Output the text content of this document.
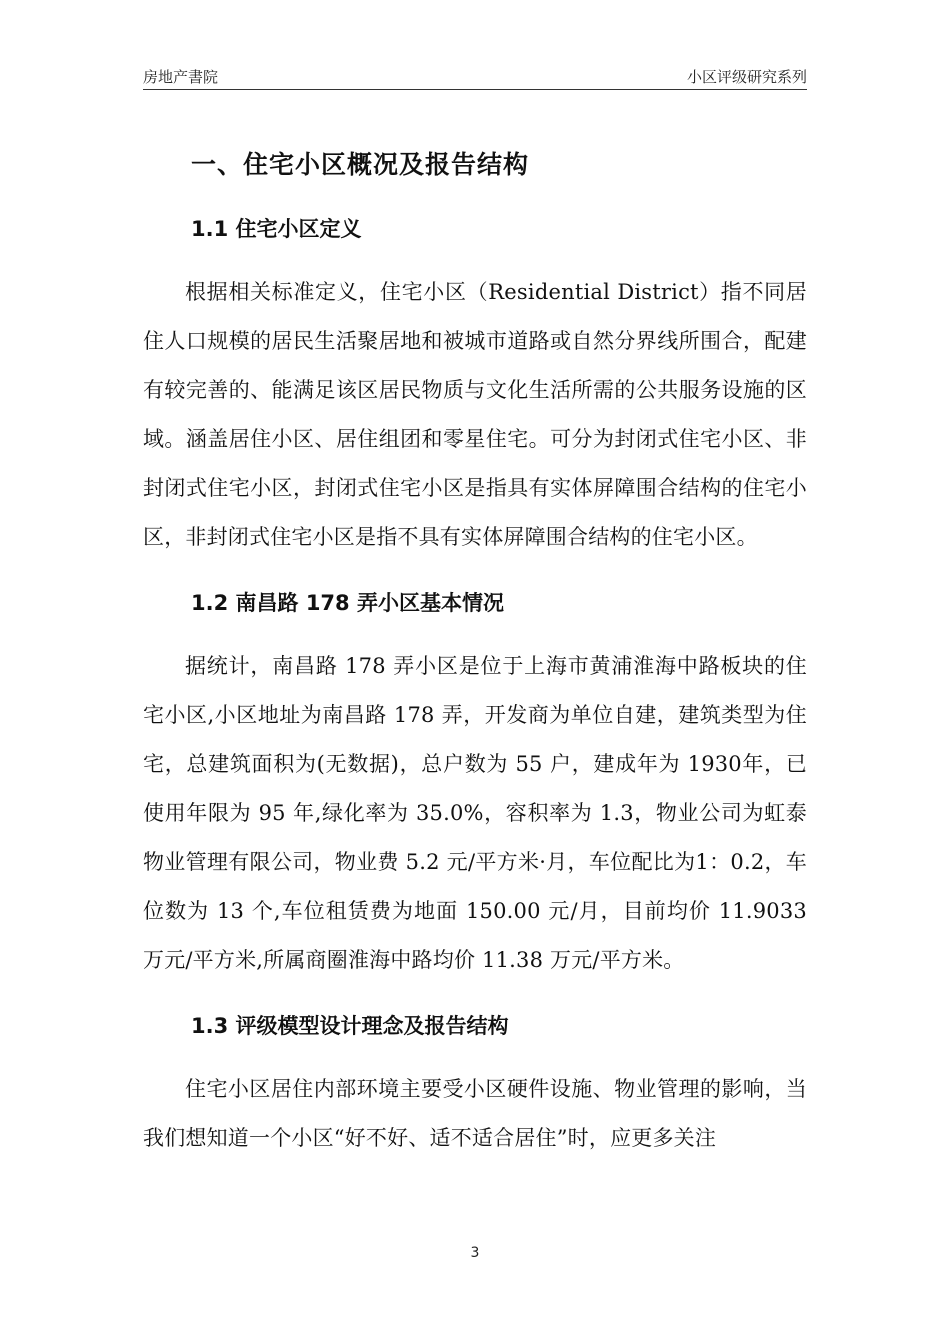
房地产書院	小区评级研究系列
一、住宅小区概况及报告结构
1.1 住宅小区定义

根据相关标准定义，住宅小区（Residential District）指不同居住人口规模的居民生活聚居地和被城市道路或自然分界线所围合，配建有较完善的、能满足该区居民物质与文化生活所需的公共服务设施的区域。涵盖居住小区、居住组团和零星住宅。可分为封闭式住宅小区、非封闭式住宅小区，封闭式住宅小区是指具有实体屏障围合结构的住宅小区，非封闭式住宅小区是指不具有实体屏障围合结构的住宅小区。

1.2 南昌路 178 弄小区基本情况

据统计，南昌路 178 弄小区是位于上海市黄浦淮海中路板块的住宅小区,小区地址为南昌路 178 弄，开发商为单位自建，建筑类型为住宅，总建筑面积为(无数据)，总户数为 55 户，建成年为 1930年，已使用年限为 95 年,绿化率为 35.0%，容积率为 1.3，物业公司为虹泰物业管理有限公司，物业费 5.2 元/平方米·月，车位配比为1：0.2，车位数为 13 个,车位租赁费为地面 150.00 元/月，目前均价 11.9033 万元/平方米,所属商圈淮海中路均价 11.38 万元/平方米。

1.3 评级模型设计理念及报告结构

住宅小区居住内部环境主要受小区硬件设施、物业管理的影响，当我们想知道一个小区“好不好、适不适合居住”时，应更多关注

3
